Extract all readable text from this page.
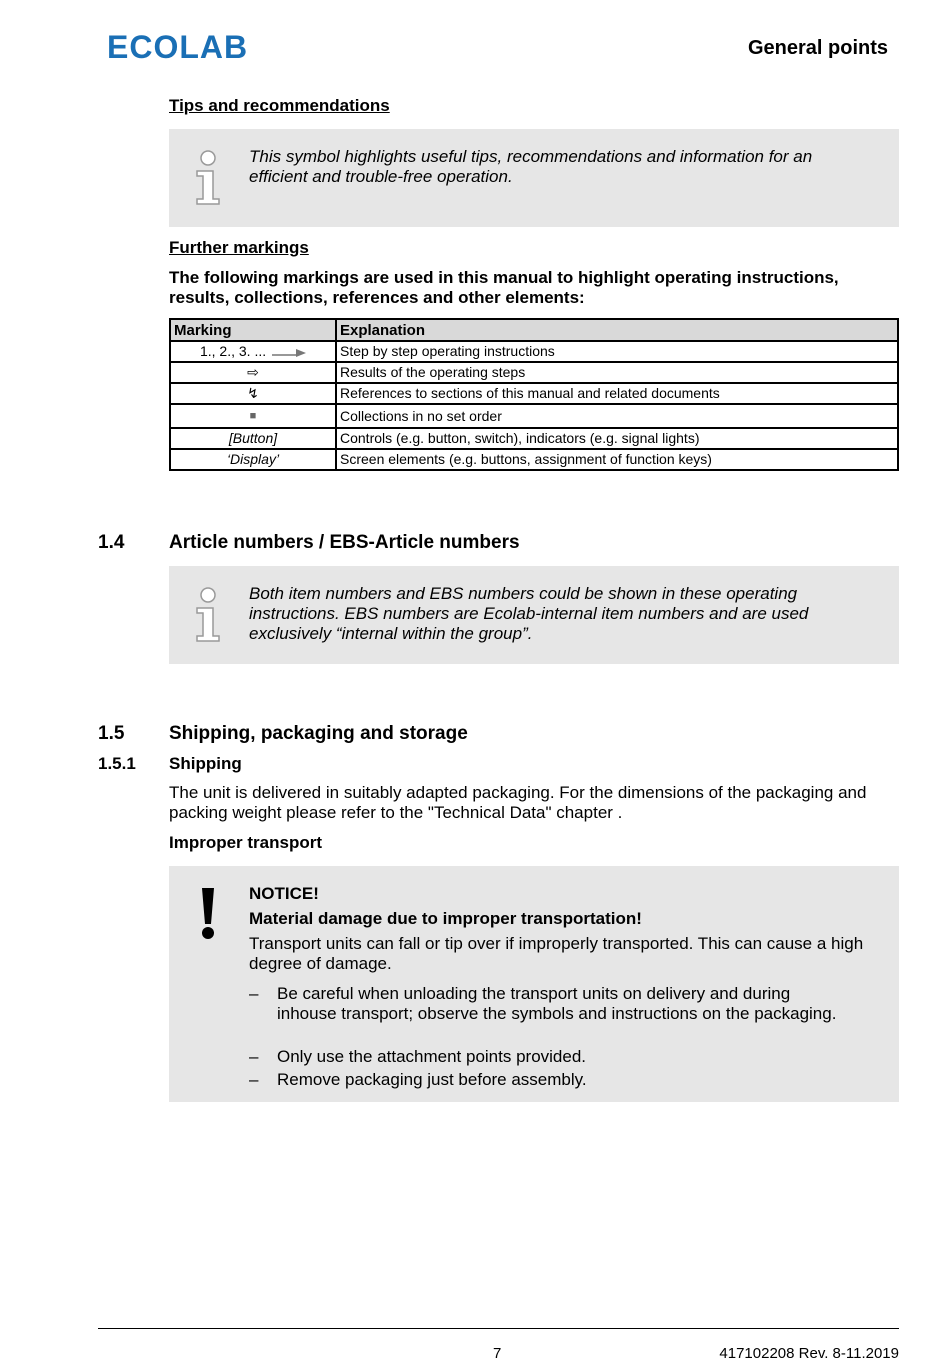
ECOLAB	General points
Tips and recommendations
This symbol highlights useful tips, recommendations and information for an efficient and trouble-free operation.
Further markings
The following markings are used in this manual to highlight operating instructions, results, collections, references and other elements:
Marking	Explanation
1., 2., 3. ...	Step by step operating instructions
⇨	Results of the operating steps
↯	References to sections of this manual and related documents
■	Collections in no set order
[Button]	Controls (e.g. button, switch), indicators (e.g. signal lights)
‘Display’	Screen elements (e.g. buttons, assignment of function keys)
1.4 Article numbers / EBS-Article numbers
Both item numbers and EBS numbers could be shown in these operating instructions. EBS numbers are Ecolab-internal item numbers and are used exclusively “internal within the group”.
1.5 Shipping, packaging and storage
1.5.1 Shipping
The unit is delivered in suitably adapted packaging. For the dimensions of the packaging and packing weight please refer to the "Technical Data" chapter .
Improper transport
NOTICE!
Material damage due to improper transportation!
Transport units can fall or tip over if improperly transported. This can cause a high degree of damage.
– Be careful when unloading the transport units on delivery and during inhouse transport; observe the symbols and instructions on the packaging.
– Only use the attachment points provided.
– Remove packaging just before assembly.
7	417102208 Rev. 8-11.2019
